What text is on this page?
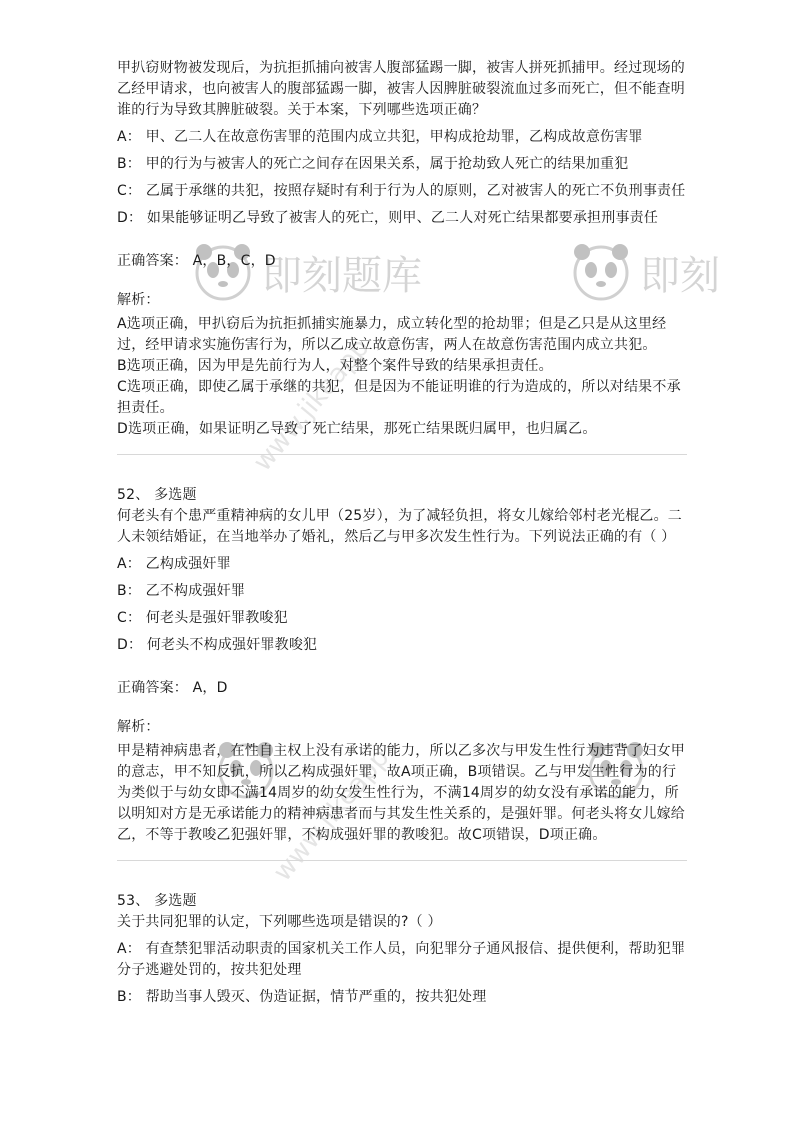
即刻题库	即刻
www.jikeapp
www.jikeapp

甲扒窃财物被发现后，为抗拒抓捕向被害人腹部猛踢一脚，被害人拼死抓捕甲。经过现场的乙经甲请求，也向被害人的腹部猛踢一脚，被害人因脾脏破裂流血过多而死亡，但不能查明谁的行为导致其脾脏破裂。关于本案，下列哪些选项正确？

A： 甲、乙二人在故意伤害罪的范围内成立共犯，甲构成抢劫罪，乙构成故意伤害罪

B： 甲的行为与被害人的死亡之间存在因果关系，属于抢劫致人死亡的结果加重犯

C： 乙属于承继的共犯，按照存疑时有利于行为人的原则，乙对被害人的死亡不负刑事责任

D： 如果能够证明乙导致了被害人的死亡，则甲、乙二人对死亡结果都要承担刑事责任

正确答案： A，B，C，D

解析：

A选项正确，甲扒窃后为抗拒抓捕实施暴力，成立转化型的抢劫罪；但是乙只是从这里经过，经甲请求实施伤害行为，所以乙成立故意伤害，两人在故意伤害范围内成立共犯。

B选项正确，因为甲是先前行为人，对整个案件导致的结果承担责任。

C选项正确，即使乙属于承继的共犯，但是因为不能证明谁的行为造成的，所以对结果不承担责任。

D选项正确，如果证明乙导致了死亡结果，那死亡结果既归属甲，也归属乙。

52、 多选题

何老头有个患严重精神病的女儿甲（25岁），为了减轻负担，将女儿嫁给邻村老光棍乙。二人未领结婚证，在当地举办了婚礼，然后乙与甲多次发生性行为。下列说法正确的有（ ）

A： 乙构成强奸罪

B： 乙不构成强奸罪

C： 何老头是强奸罪教唆犯

D： 何老头不构成强奸罪教唆犯

正确答案： A，D

解析：

甲是精神病患者，在性自主权上没有承诺的能力，所以乙多次与甲发生性行为违背了妇女甲的意志，甲不知反抗，所以乙构成强奸罪，故A项正确，B项错误。乙与甲发生性行为的行为类似于与幼女即不满14周岁的幼女发生性行为，不满14周岁的幼女没有承诺的能力，所以明知对方是无承诺能力的精神病患者而与其发生性关系的，是强奸罪。何老头将女儿嫁给乙，不等于教唆乙犯强奸罪，不构成强奸罪的教唆犯。故C项错误，D项正确。

53、 多选题

关于共同犯罪的认定，下列哪些选项是错误的?（ ）

A： 有查禁犯罪活动职责的国家机关工作人员，向犯罪分子通风报信、提供便利，帮助犯罪分子逃避处罚的，按共犯处理

B： 帮助当事人毁灭、伪造证据，情节严重的，按共犯处理
